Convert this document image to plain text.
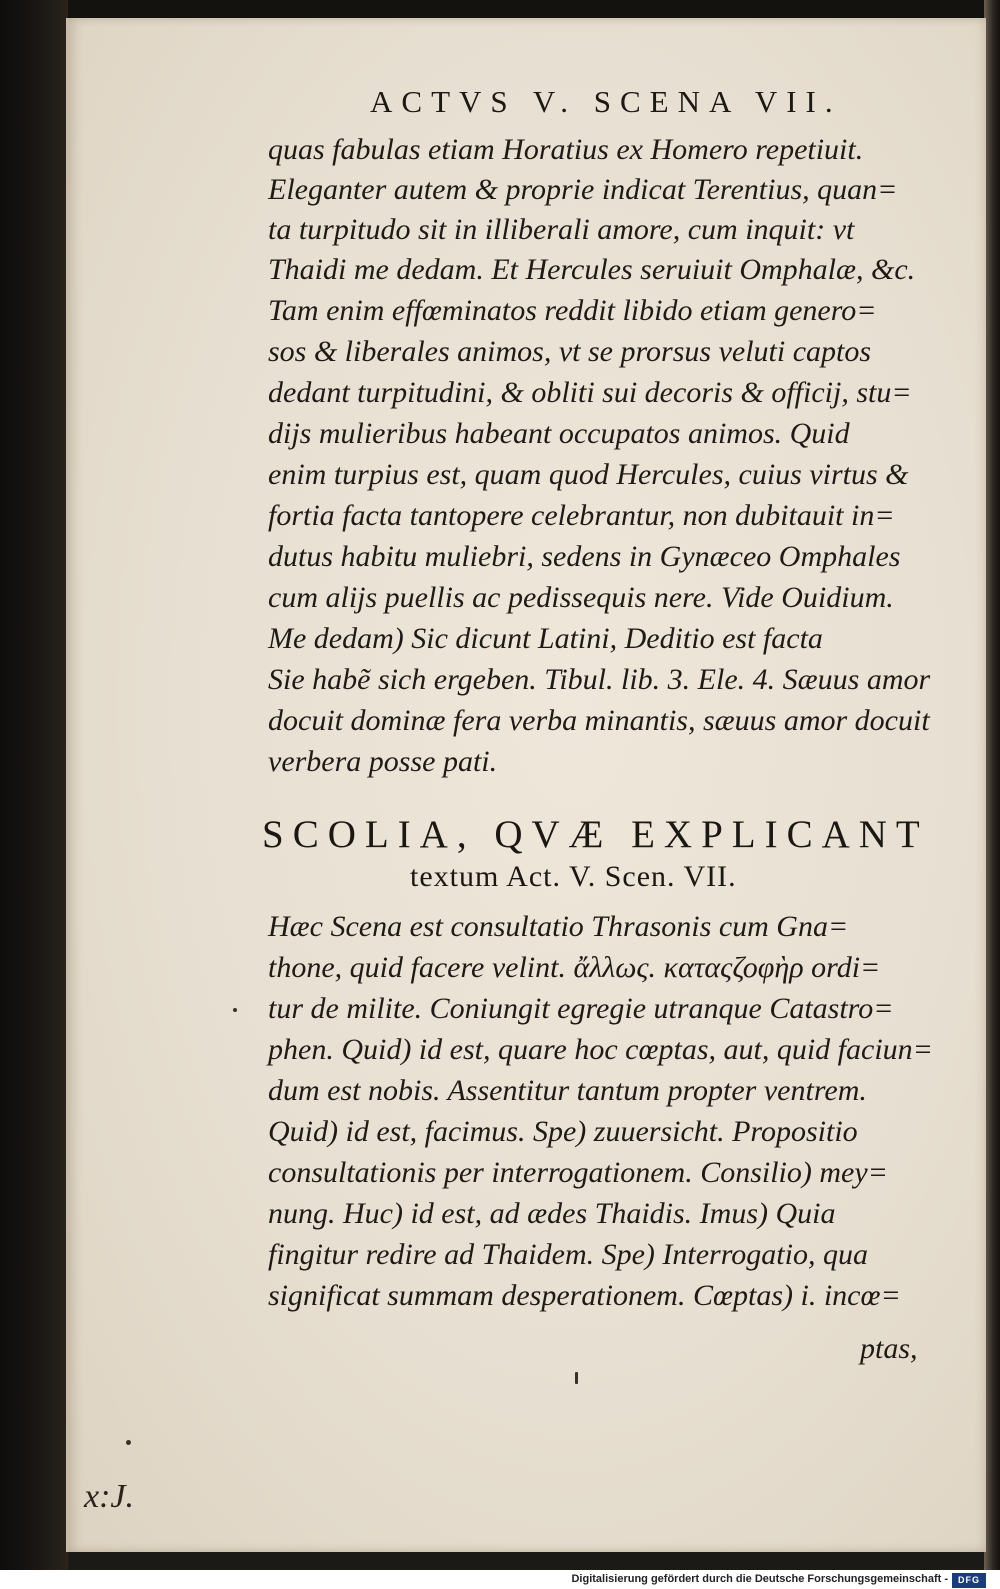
ACTVS V. SCENA VII.
quas fabulas etiam Horatius ex Homero repetiuit.
Eleganter autem & proprie indicat Terentius, quan=
ta turpitudo sit in illiberali amore, cum inquit: vt
Thaidi me dedam. Et Hercules seruiuit Omphalæ, &c.
Tam enim effœminatos reddit libido etiam genero=
sos & liberales animos, vt se prorsus veluti captos
dedant turpitudini, & obliti sui decoris & officij, stu=
dijs mulieribus habeant occupatos animos. Quid
enim turpius est, quam quod Hercules, cuius virtus &
fortia facta tantopere celebrantur, non dubitauit in=
dutus habitu muliebri, sedens in Gynæceo Omphales
cum alijs puellis ac pedissequis nere. Vide Ouidium.
Me dedam) Sic dicunt Latini, Deditio est facta
Sie habẽ sich ergeben. Tibul. lib. 3. Ele. 4. Sæuus amor
docuit dominæ fera verba minantis, sæuus amor docuit
verbera posse pati.
SCOLIA, QVÆ EXPLICANT
textum Act. V. Scen. VII.
Hæc Scena est consultatio Thrasonis cum Gna=
thone, quid facere velint. ἄλλως. καταςζοφὴρ ordi=
tur de milite. Coniungit egregie utranque Catastro=
phen. Quid) id est, quare hoc cœptas, aut, quid faciun=
dum est nobis. Assentitur tantum propter ventrem.
Quid) id est, facimus. Spe) zuuersicht. Propositio
consultationis per interrogationem. Consilio) mey=
nung. Huc) id est, ad ædes Thaidis. Imus) Quia
fingitur redire ad Thaidem. Spe) Interrogatio, qua
significat summam desperationem. Cœptas) i. incœ=
ptas,
x:J.
Digitalisierung gefördert durch die Deutsche Forschungsgemeinschaft -	DFG
